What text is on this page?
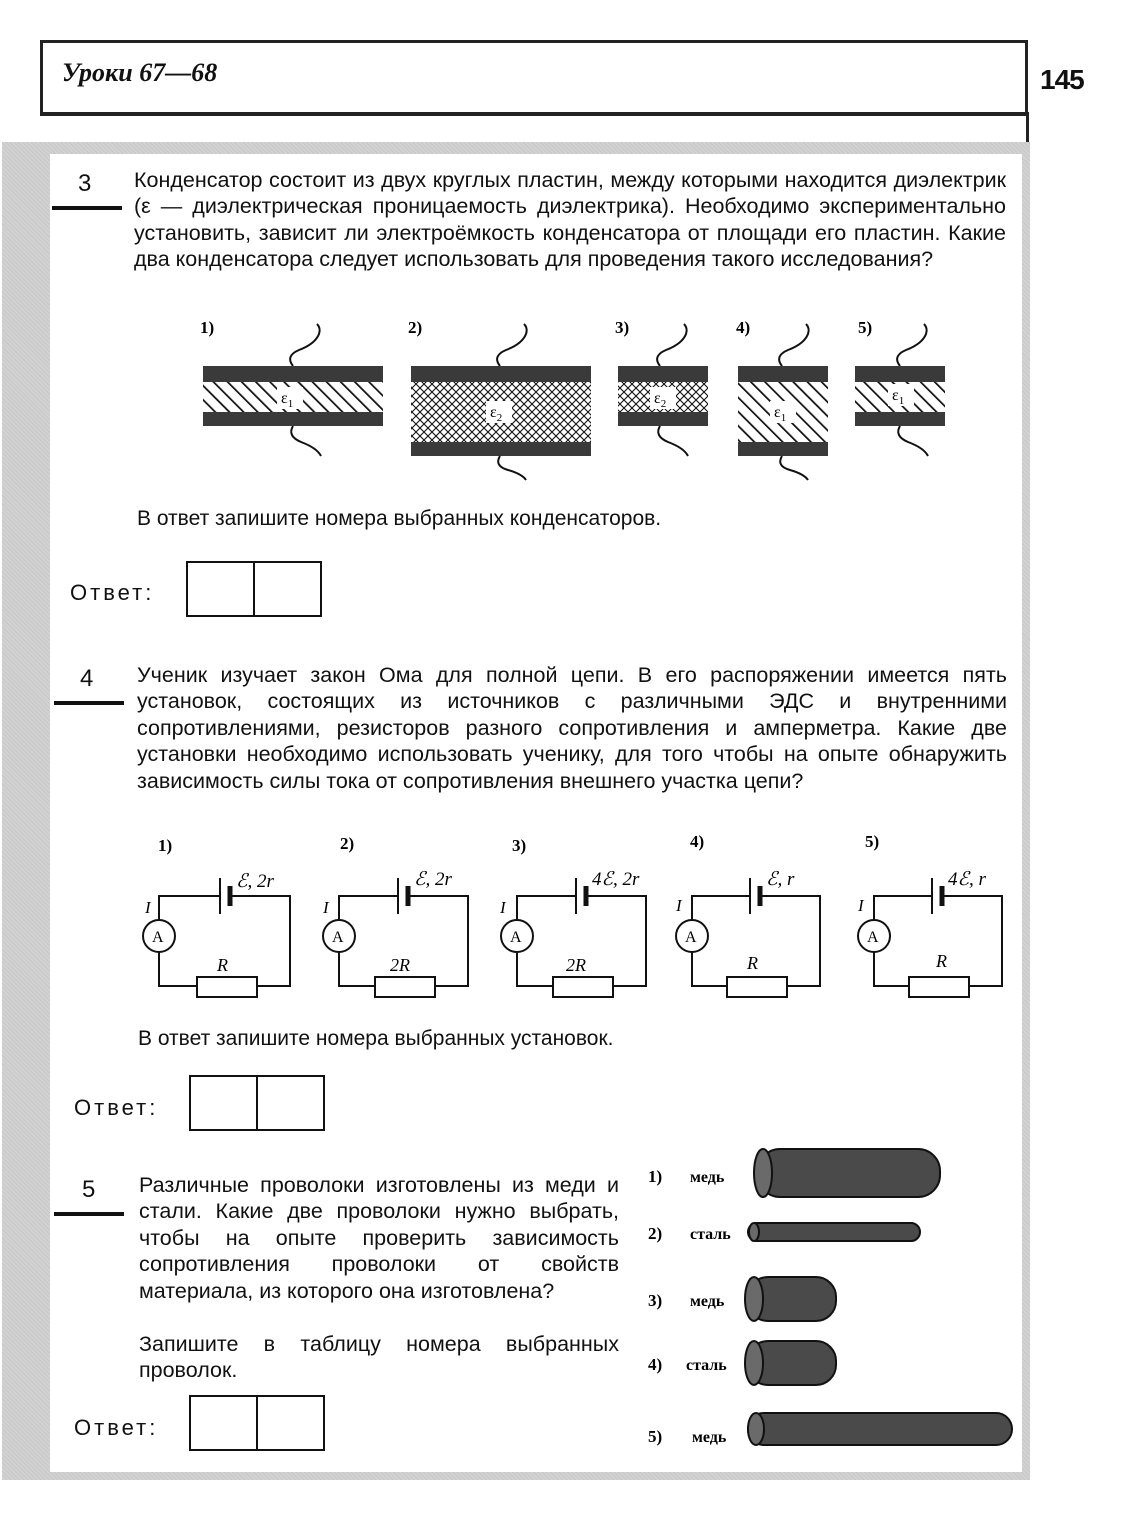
Уроки 67—68	145
3 Конденсатор состоит из двух круглых пластин, между которыми находится диэлектрик (ε — диэлектрическая проницаемость диэлектрика). Необходимо экспериментально установить, зависит ли электроёмкость конденсатора от площади его пластин. Какие два конденсатора следует использовать для проведения такого исследования?
1)
$\varepsilon_1$
2)
$\varepsilon_2$
3)
$\varepsilon_2$
4)
$\varepsilon_1$
5)
$\varepsilon_1$
В ответ запишите номера выбранных конденсаторов.
Ответ:
4 Ученик изучает закон Ома для полной цепи. В его распоряжении имеется пять установок, состоящих из источников с различными ЭДС и внутренними сопротивлениями, резисторов разного сопротивления и амперметра. Какие две установки необходимо использовать ученику, для того чтобы на опыте обнаружить зависимость силы тока от сопротивления внешнего участка цепи?
1)
ℰ, 2r
R
A
I
2)
ℰ, 2r
2R
A
I
3)
4ℰ, 2r
2R
A
I
4)
ℰ, r
R
A
I
5)
4ℰ, r
R
A
I
В ответ запишите номера выбранных установок.
Ответ:
5 Различные проволоки изготовлены из меди и стали. Какие две проволоки нужно выбрать, чтобы на опыте проверить зависимость сопротивления проволоки от свойств материала, из которого она изготовлена?
Запишите в таблицу номера выбранных проволок.
Ответ:
1) медь
2) сталь
3) медь
4) сталь
5) медь
